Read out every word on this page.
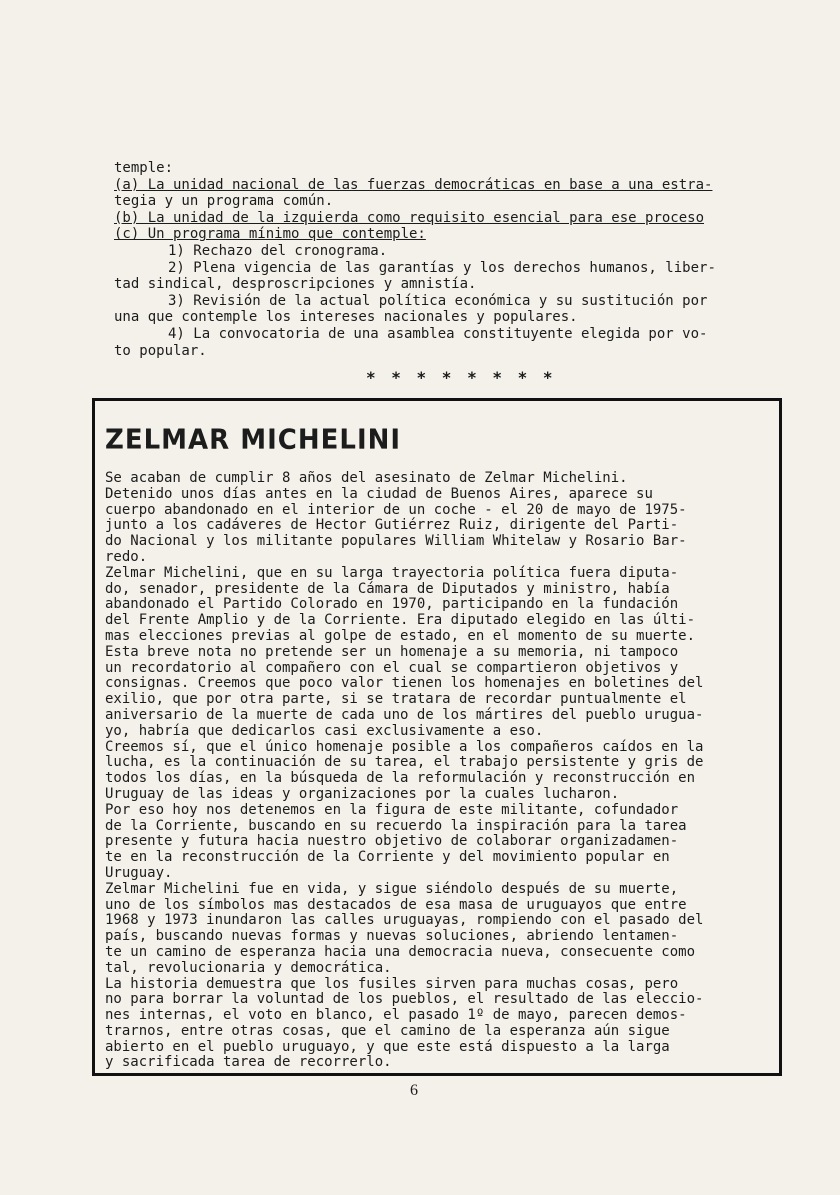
temple:
(a) La unidad nacional de las fuerzas democráticas en base a una estra-
tegia y un programa común.
(b) La unidad de la izquierda como requisito esencial para ese proceso
(c) Un programa mínimo que contemple:
1) Rechazo del cronograma.
2) Plena vigencia de las garantías y los derechos humanos, liber-
tad sindical, desproscripciones y amnistía.
3) Revisión de la actual política económica y su sustitución por
una que contemple los intereses nacionales y populares.
4) La convocatoria de una asamblea constituyente elegida por vo-
to popular.
* * * * * * * *
ZELMAR MICHELINI
Se acaban de cumplir 8 años del asesinato de Zelmar Michelini.
Detenido unos días antes en la ciudad de Buenos Aires, aparece su
cuerpo abandonado en el interior de un coche - el 20 de mayo de 1975-
junto a los cadáveres de Hector Gutiérrez Ruiz, dirigente del Parti-
do Nacional y los militante populares William Whitelaw y Rosario Bar-
redo.
Zelmar Michelini, que en su larga trayectoria política fuera diputa-
do, senador, presidente de la Cámara de Diputados y ministro, había
abandonado el Partido Colorado en 1970, participando en la fundación
del Frente Amplio y de la Corriente. Era diputado elegido en las últi-
mas elecciones previas al golpe de estado, en el momento de su muerte.
Esta breve nota no pretende ser un homenaje a su memoria, ni tampoco
un recordatorio al compañero con el cual se compartieron objetivos y
consignas. Creemos que poco valor tienen los homenajes en boletines del
exilio, que por otra parte, si se tratara de recordar puntualmente el
aniversario de la muerte de cada uno de los mártires del pueblo urugua-
yo, habría que dedicarlos casi exclusivamente a eso.
Creemos sí, que el único homenaje posible a los compañeros caídos en la
lucha, es la continuación de su tarea, el trabajo persistente y gris de
todos los días, en la búsqueda de la reformulación y reconstrucción en
Uruguay de las ideas y organizaciones por la cuales lucharon.
Por eso hoy nos detenemos en la figura de este militante, cofundador
de la Corriente, buscando en su recuerdo la inspiración para la tarea
presente y futura hacia nuestro objetivo de colaborar organizadamen-
te en la reconstrucción de la Corriente y del movimiento popular en
Uruguay.
Zelmar Michelini fue en vida, y sigue siéndolo después de su muerte,
uno de los símbolos mas destacados de esa masa de uruguayos que entre
1968 y 1973 inundaron las calles uruguayas, rompiendo con el pasado del
país, buscando nuevas formas y nuevas soluciones, abriendo lentamen-
te un camino de esperanza hacia una democracia nueva, consecuente como
tal, revolucionaria y democrática.
La historia demuestra que los fusiles sirven para muchas cosas, pero
no para borrar la voluntad de los pueblos, el resultado de las eleccio-
nes internas, el voto en blanco, el pasado 1º de mayo, parecen demos-
trarnos, entre otras cosas, que el camino de la esperanza aún sigue
abierto en el pueblo uruguayo, y que este está dispuesto a la larga
y sacrificada tarea de recorrerlo.
6
